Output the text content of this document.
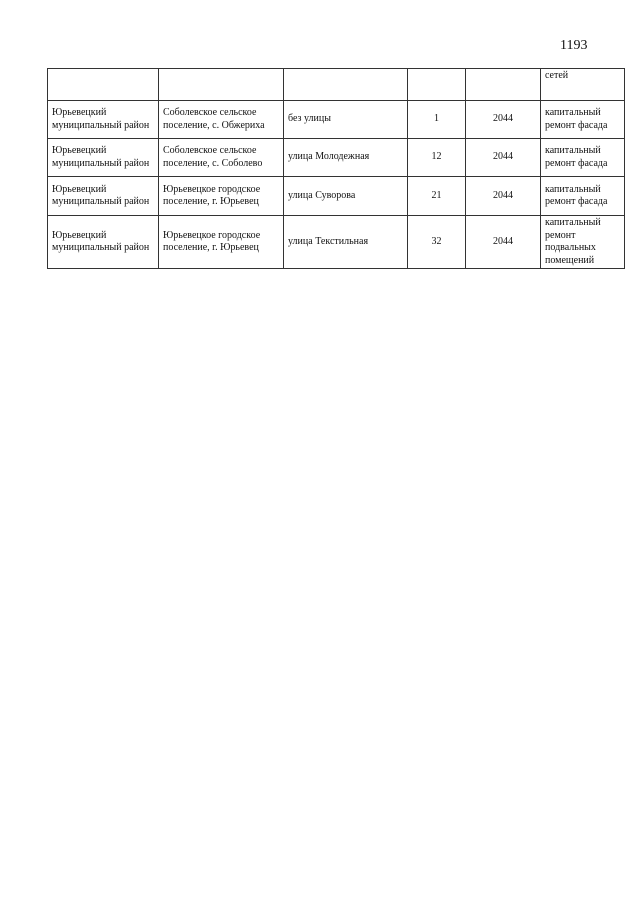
1193
					сетей
Юрьевецкий муниципальный район	Соболевское сельское поселение, с. Обжериха	без улицы	1	2044	капитальный ремонт фасада
Юрьевецкий муниципальный район	Соболевское сельское поселение, с. Соболево	улица Молодежная	12	2044	капитальный ремонт фасада
Юрьевецкий муниципальный район	Юрьевецкое городское поселение, г. Юрьевец	улица Суворова	21	2044	капитальный ремонт фасада
Юрьевецкий муниципальный район	Юрьевецкое городское поселение, г. Юрьевец	улица Текстильная	32	2044	капитальный ремонт подвальных помещений
